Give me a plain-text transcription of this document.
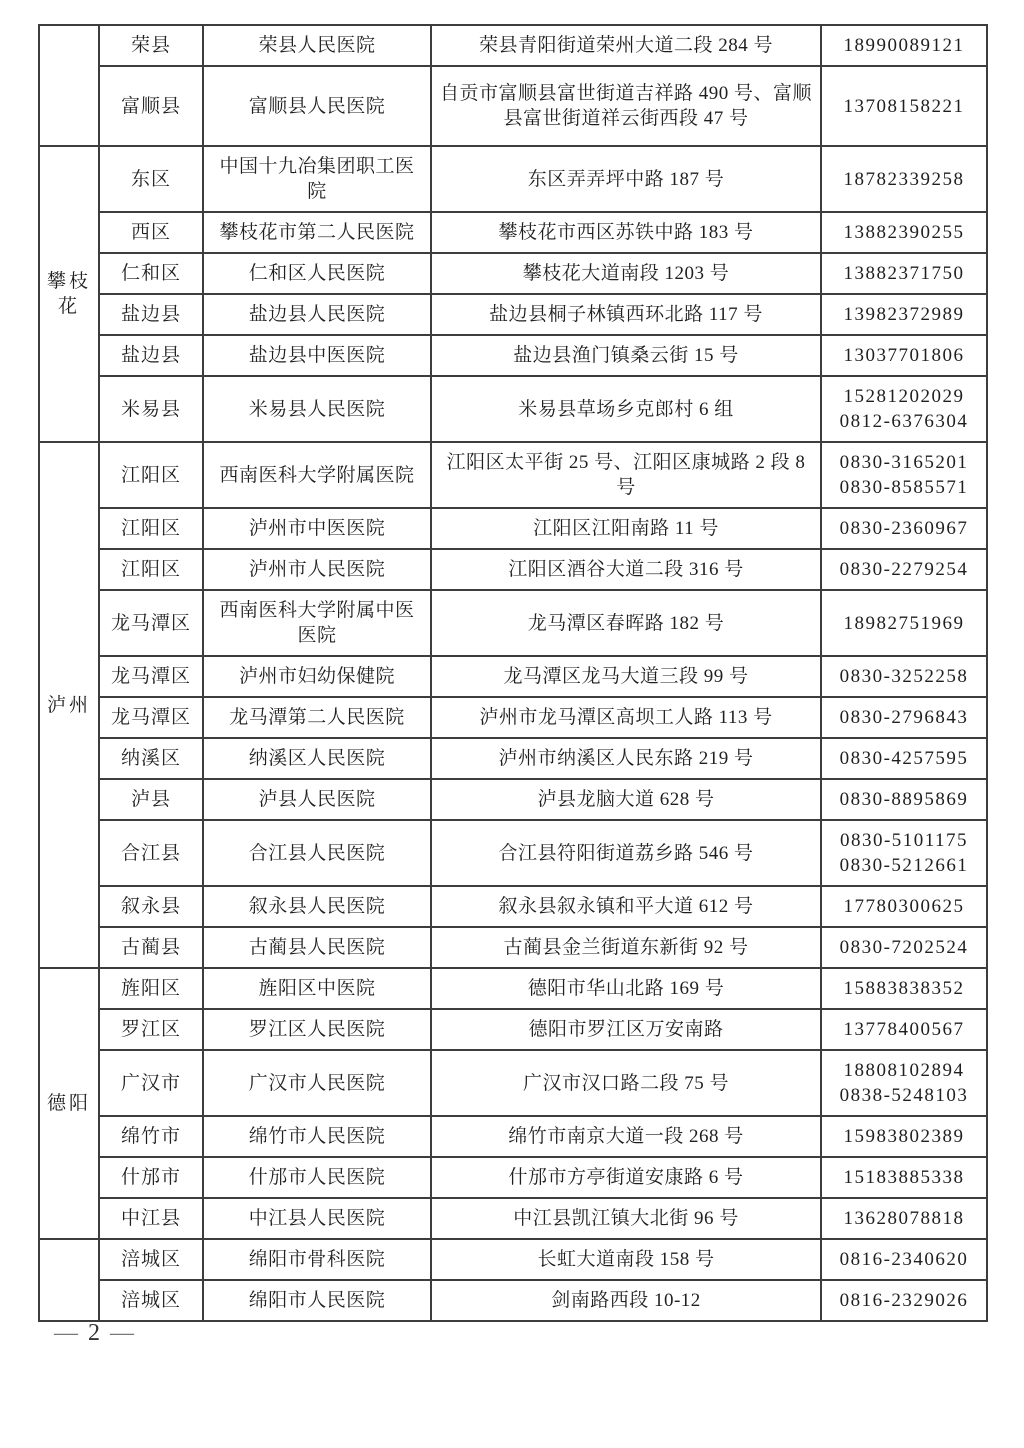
	荣县	荣县人民医院	荣县青阳街道荣州大道二段 284 号	18990089121

	富顺县	富顺县人民医院	自贡市富顺县富世街道吉祥路 490 号、富顺县富世街道祥云街西段 47 号	13708158221

攀枝花	东区	中国十九冶集团职工医院	东区弄弄坪中路 187 号	18782339258

	西区	攀枝花市第二人民医院	攀枝花市西区苏铁中路 183 号	13882390255

	仁和区	仁和区人民医院	攀枝花大道南段 1203 号	13882371750

	盐边县	盐边县人民医院	盐边县桐子林镇西环北路 117 号	13982372989

	盐边县	盐边县中医医院	盐边县渔门镇桑云街 15 号	13037701806

	米易县	米易县人民医院	米易县草场乡克郎村 6 组	15281202029
0812-6376304

泸州	江阳区	西南医科大学附属医院	江阳区太平街 25 号、江阳区康城路 2 段 8 号	0830-3165201
0830-8585571

	江阳区	泸州市中医医院	江阳区江阳南路 11 号	0830-2360967

	江阳区	泸州市人民医院	江阳区酒谷大道二段 316 号	0830-2279254

	龙马潭区	西南医科大学附属中医医院	龙马潭区春晖路 182 号	18982751969

	龙马潭区	泸州市妇幼保健院	龙马潭区龙马大道三段 99 号	0830-3252258

	龙马潭区	龙马潭第二人民医院	泸州市龙马潭区高坝工人路 113 号	0830-2796843

	纳溪区	纳溪区人民医院	泸州市纳溪区人民东路 219 号	0830-4257595

	泸县	泸县人民医院	泸县龙脑大道 628 号	0830-8895869

	合江县	合江县人民医院	合江县符阳街道荔乡路 546 号	0830-5101175
0830-5212661

	叙永县	叙永县人民医院	叙永县叙永镇和平大道 612 号	17780300625

	古蔺县	古蔺县人民医院	古蔺县金兰街道东新街 92 号	0830-7202524

德阳	旌阳区	旌阳区中医院	德阳市华山北路 169 号	15883838352

	罗江区	罗江区人民医院	德阳市罗江区万安南路	13778400567

	广汉市	广汉市人民医院	广汉市汉口路二段 75 号	18808102894
0838-5248103

	绵竹市	绵竹市人民医院	绵竹市南京大道一段 268 号	15983802389

	什邡市	什邡市人民医院	什邡市方亭街道安康路 6 号	15183885338

	中江县	中江县人民医院	中江县凯江镇大北街 96 号	13628078818

	涪城区	绵阳市骨科医院	长虹大道南段 158 号	0816-2340620

	涪城区	绵阳市人民医院	剑南路西段 10-12	0816-2329026
— 2 —
